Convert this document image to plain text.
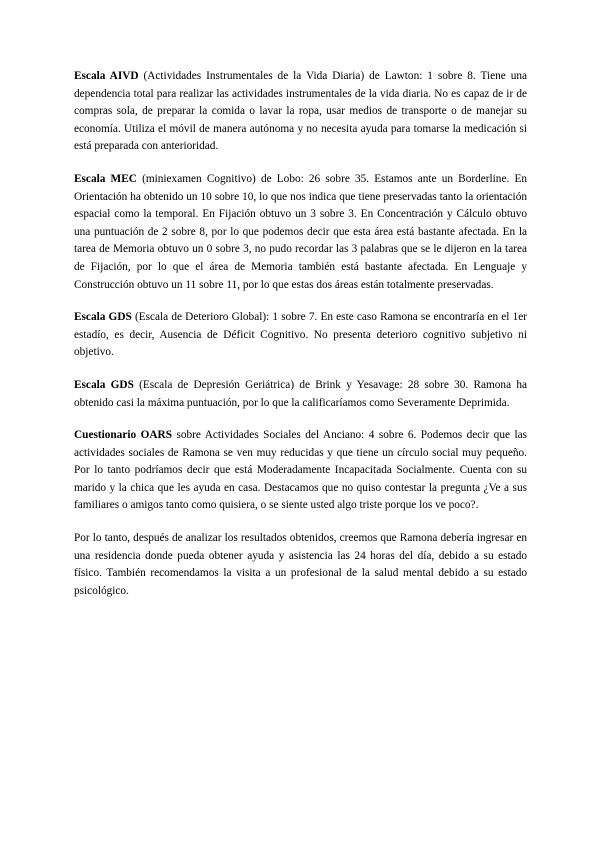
Escala AIVD (Actividades Instrumentales de la Vida Diaria) de Lawton: 1 sobre 8. Tiene una dependencia total para realizar las actividades instrumentales de la vida diaria. No es capaz de ir de compras sola, de preparar la comida o lavar la ropa, usar medios de transporte o de manejar su economía. Utiliza el móvil de manera autónoma y no necesita ayuda para tomarse la medicación si está preparada con anterioridad.

Escala MEC (miniexamen Cognitivo) de Lobo: 26 sobre 35. Estamos ante un Borderline. En Orientación ha obtenido un 10 sobre 10, lo que nos indica que tiene preservadas tanto la orientación espacial como la temporal. En Fijación obtuvo un 3 sobre 3. En Concentración y Cálculo obtuvo una puntuación de 2 sobre 8, por lo que podemos decir que esta área está bastante afectada. En la tarea de Memoria obtuvo un 0 sobre 3, no pudo recordar las 3 palabras que se le dijeron en la tarea de Fijación, por lo que el área de Memoria también está bastante afectada. En Lenguaje y Construcción obtuvo un 11 sobre 11, por lo que estas dos áreas están totalmente preservadas.

Escala GDS (Escala de Deterioro Global): 1 sobre 7. En este caso Ramona se encontraría en el 1er estadío, es decir, Ausencia de Déficit Cognitivo. No presenta deterioro cognitivo subjetivo ni objetivo.

Escala GDS (Escala de Depresión Geriátrica) de Brink y Yesavage: 28 sobre 30. Ramona ha obtenido casi la máxima puntuación, por lo que la calificaríamos como Severamente Deprimida.

Cuestionario OARS sobre Actividades Sociales del Anciano: 4 sobre 6. Podemos decir que las actividades sociales de Ramona se ven muy reducidas y que tiene un círculo social muy pequeño. Por lo tanto podríamos decir que está Moderadamente Incapacitada Socialmente. Cuenta con su marido y la chica que les ayuda en casa. Destacamos que no quiso contestar la pregunta ¿Ve a sus familiares o amigos tanto como quisiera, o se siente usted algo triste porque los ve poco?.

Por lo tanto, después de analizar los resultados obtenidos, creemos que Ramona debería ingresar en una residencia donde pueda obtener ayuda y asistencia las 24 horas del día, debido a su estado físico. También recomendamos la visita a un profesional de la salud mental debido a su estado psicológico.
